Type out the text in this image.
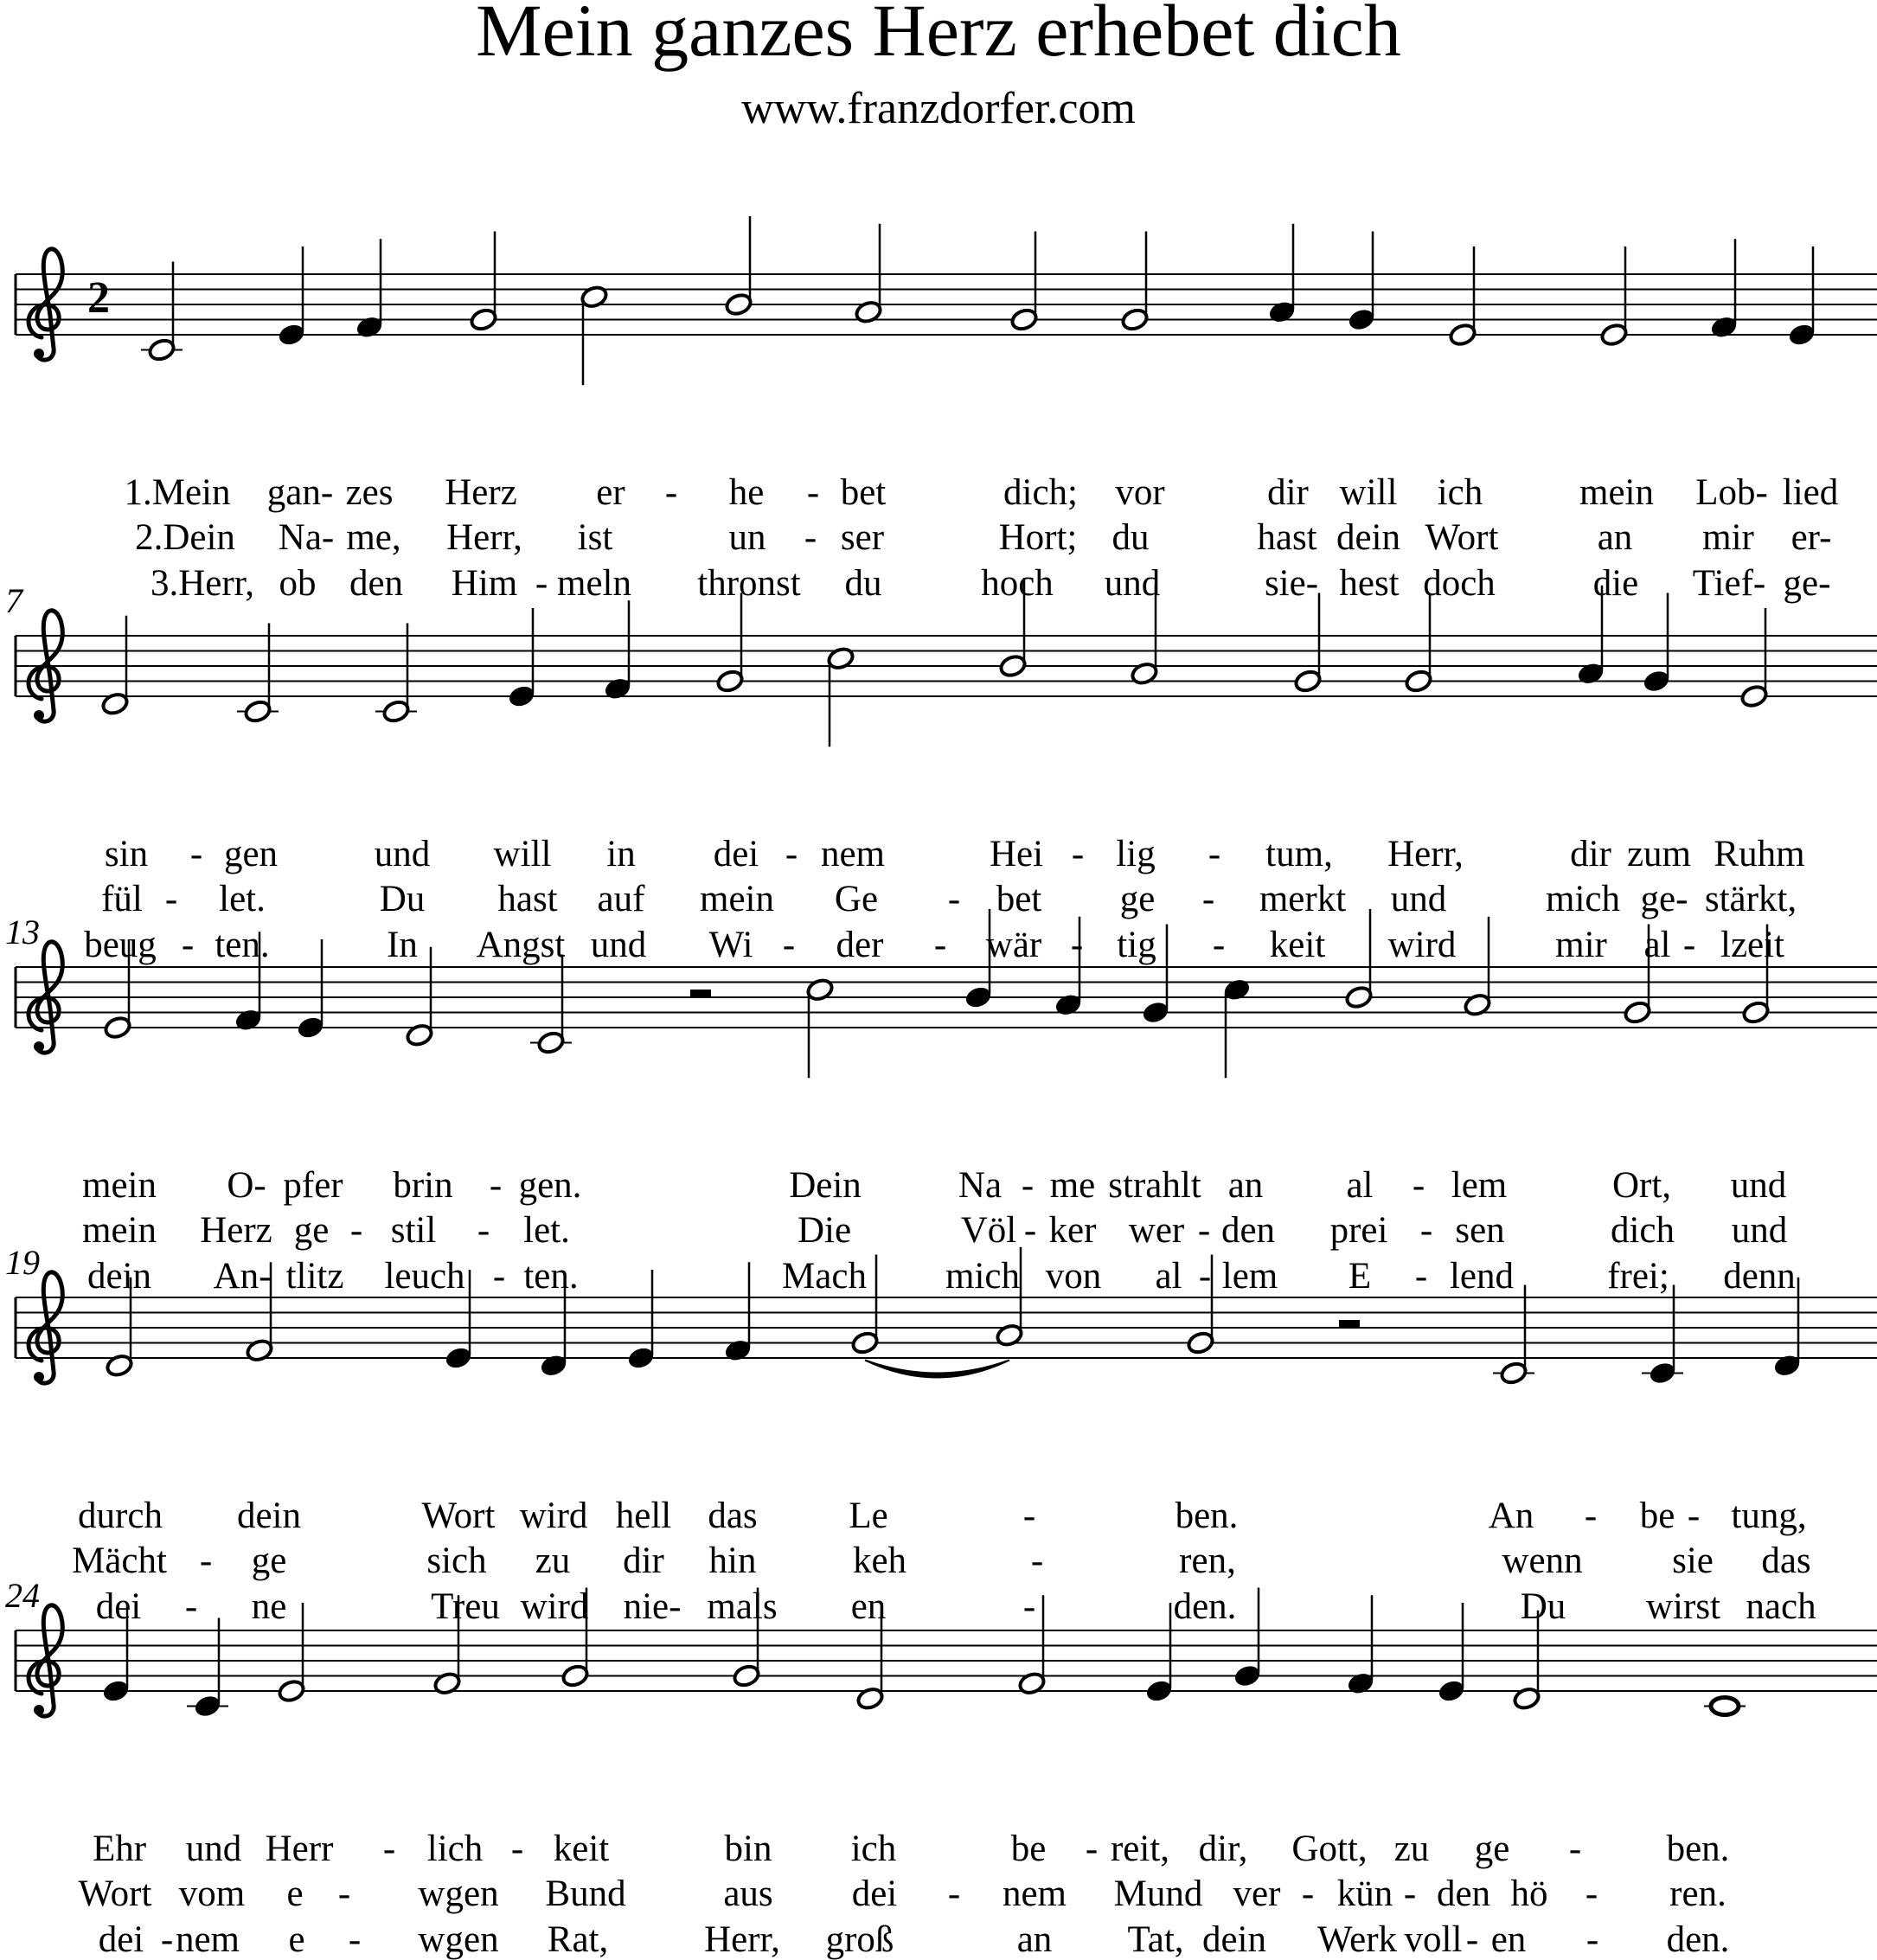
Mein ganzes Herz erhebet dich
www.franzdorfer.com
2
1.Mein gan- zes Herz er - he - bet	dich; vor	dir will ich	mein Lob- lied
2.Dein Na- me, Herr, ist	un - ser	Hort; du	hast dein Wort	an mir er-
3.Herr, ob den Him - meln thronst du	hoch und	sie- hest doch	die Tief- ge-
7
sin - gen	und will in dei - nem	Hei - lig - tum, Herr,	dir zum Ruhm
fül - let.	Du hast auf mein Ge - bet ge - merkt und	mich ge- stärkt,
beug - ten.	In Angst und Wi - der - wär - tig - keit wird	mir al - lzeit
13
mein O- pfer brin - gen.	Dein	Na - me strahlt an al - lem	Ort, und
mein Herz ge - stil - let.	Die	Völ - ker wer - den prei - sen	dich und
dein An- tlitz leuch - ten.	Mach mich von al - lem E - lend	frei; denn
19
durch dein	Wort wird hell das Le	-	ben.	An - be - tung,
Mächt - ge	sich zu dir hin	keh	-	ren,	wenn sie das
dei - ne	Treu wird nie- mals en	-	den.	Du wirst nach
24
Ehr und Herr - lich - keit	bin ich	be - reit, dir, Gott, zu ge - ben.
Wort vom e - wgen Bund	aus dei - nem Mund ver - kün - den hö - ren.
dei - nem e - wgen Rat,	Herr, groß	an Tat, dein Werk voll - en - den.
